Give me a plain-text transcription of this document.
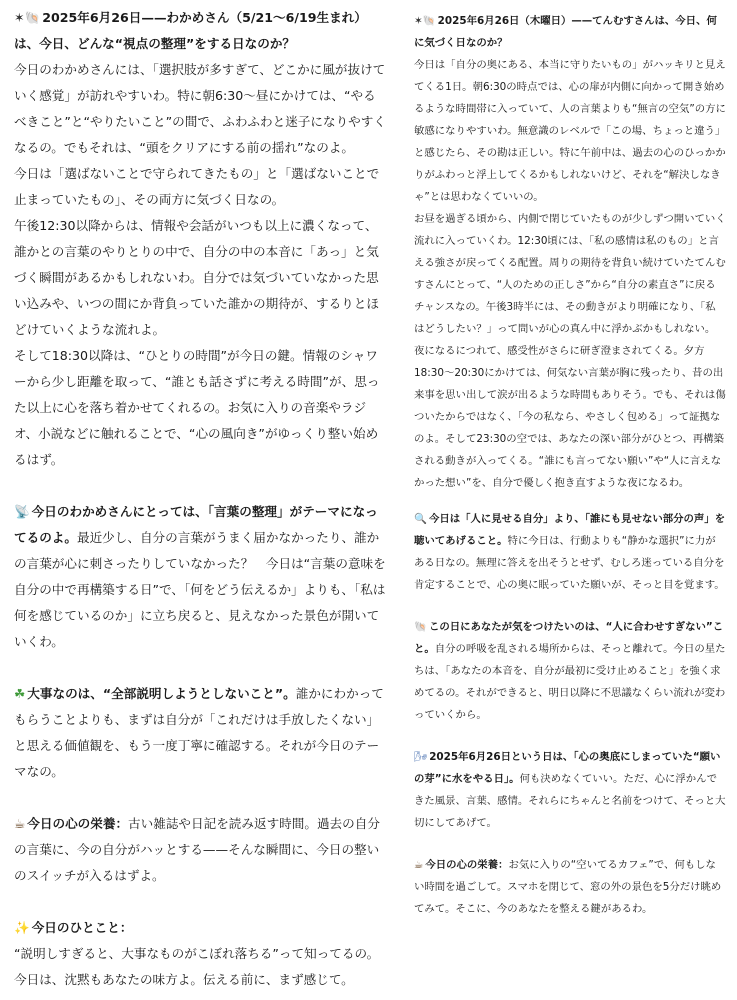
✶🐚 2025年6月26日——わかめさん（5/21〜6/19生まれ）は、今日、どんな“視点の整理”をする日なのか？

今日のわかめさんには、「選択肢が多すぎて、どこかに風が抜けていく感覚」が訪れやすいわ。特に朝6:30〜昼にかけては、“やるべきこと”と“やりたいこと”の間で、ふわふわと迷子になりやすくなるの。でもそれは、“頭をクリアにする前の揺れ”なのよ。

今日は「選ばないことで守られてきたもの」と「選ばないことで止まっていたもの」、その両方に気づく日なの。

午後12:30以降からは、情報や会話がいつも以上に濃くなって、誰かとの言葉のやりとりの中で、自分の中の本音に「あっ」と気づく瞬間があるかもしれないわ。自分では気づいていなかった思い込みや、いつの間にか背負っていた誰かの期待が、するりとほどけていくような流れよ。

そして18:30以降は、“ひとりの時間”が今日の鍵。情報のシャワーから少し距離を取って、“誰とも話さずに考える時間”が、思った以上に心を落ち着かせてくれるの。お気に入りの音楽やラジオ、小説などに触れることで、“心の風向き”がゆっくり整い始めるはず。

📡 今日のわかめさんにとっては、「言葉の整理」がテーマになってるのよ。最近少し、自分の言葉がうまく届かなかったり、誰かの言葉が心に刺さったりしていなかった？　今日は“言葉の意味を自分の中で再構築する日”で、「何をどう伝えるか」よりも、「私は何を感じているのか」に立ち戻ると、見えなかった景色が開いていくわ。

☘ 大事なのは、“全部説明しようとしないこと”。誰かにわかってもらうことよりも、まずは自分が「これだけは手放したくない」と思える価値観を、もう一度丁寧に確認する。それが今日のテーマなの。

☕ 今日の心の栄養：古い雑誌や日記を読み返す時間。過去の自分の言葉に、今の自分がハッとする——そんな瞬間に、今日の整いのスイッチが入るはずよ。

✨ 今日のひとこと：

“説明しすぎると、大事なものがこぼれ落ちる”って知ってるの。今日は、沈黙もあなたの味方よ。伝える前に、まず感じて。

✶🐚 2025年6月26日（木曜日）——てんむすさんは、今日、何に気づく日なのか？

今日は「自分の奥にある、本当に守りたいもの」がハッキリと見えてくる1日。朝6:30の時点では、心の扉が内側に向かって開き始めるような時間帯に入っていて、人の言葉よりも“無言の空気”の方に敏感になりやすいわ。無意識のレベルで「この場、ちょっと違う」と感じたら、その勘は正しい。特に午前中は、過去の心のひっかかりがふわっと浮上してくるかもしれないけど、それを“解決しなきゃ”とは思わなくていいの。

お昼を過ぎる頃から、内側で閉じていたものが少しずつ開いていく流れに入っていくわ。12:30頃には、「私の感情は私のもの」と言える強さが戻ってくる配置。周りの期待を背負い続けていたてんむすさんにとって、“人のための正しさ”から“自分の素直さ”に戻るチャンスなの。午後3時半には、その動きがより明確になり、「私はどうしたい？」って問いが心の真ん中に浮かぶかもしれない。

夜になるにつれて、感受性がさらに研ぎ澄まされてくる。夕方18:30〜20:30にかけては、何気ない言葉が胸に残ったり、昔の出来事を思い出して涙が出るような時間もありそう。でも、それは傷ついたからではなく、「今の私なら、やさしく包める」って証拠なのよ。そして23:30の空では、あなたの深い部分がひとつ、再構築される動きが入ってくる。“誰にも言ってない願い”や“人に言えなかった想い”を、自分で優しく抱き直すような夜になるわ。

🔍 今日は「人に見せる自分」より、「誰にも見せない部分の声」を聴いてあげること。特に今日は、行動よりも“静かな選択”に力がある日なの。無理に答えを出そうとせず、むしろ迷っている自分を肯定することで、心の奥に眠っていた願いが、そっと目を覚ます。

🐚 この日にあなたが気をつけたいのは、“人に合わせすぎない”こと。自分の呼吸を乱される場所からは、そっと離れて。今日の星たちは、「あなたの本音を、自分が最初に受け止めること」を強く求めてるの。それができると、明日以降に不思議なくらい流れが変わっていくから。

🌬 2025年6月26日という日は、「心の奥底にしまっていた“願いの芽”に水をやる日」。何も決めなくていい。ただ、心に浮かんできた風景、言葉、感情。それらにちゃんと名前をつけて、そっと大切にしてあげて。

☕ 今日の心の栄養：お気に入りの“空いてるカフェ”で、何もしない時間を過ごして。スマホを閉じて、窓の外の景色を5分だけ眺めてみて。そこに、今のあなたを整える鍵があるわ。
